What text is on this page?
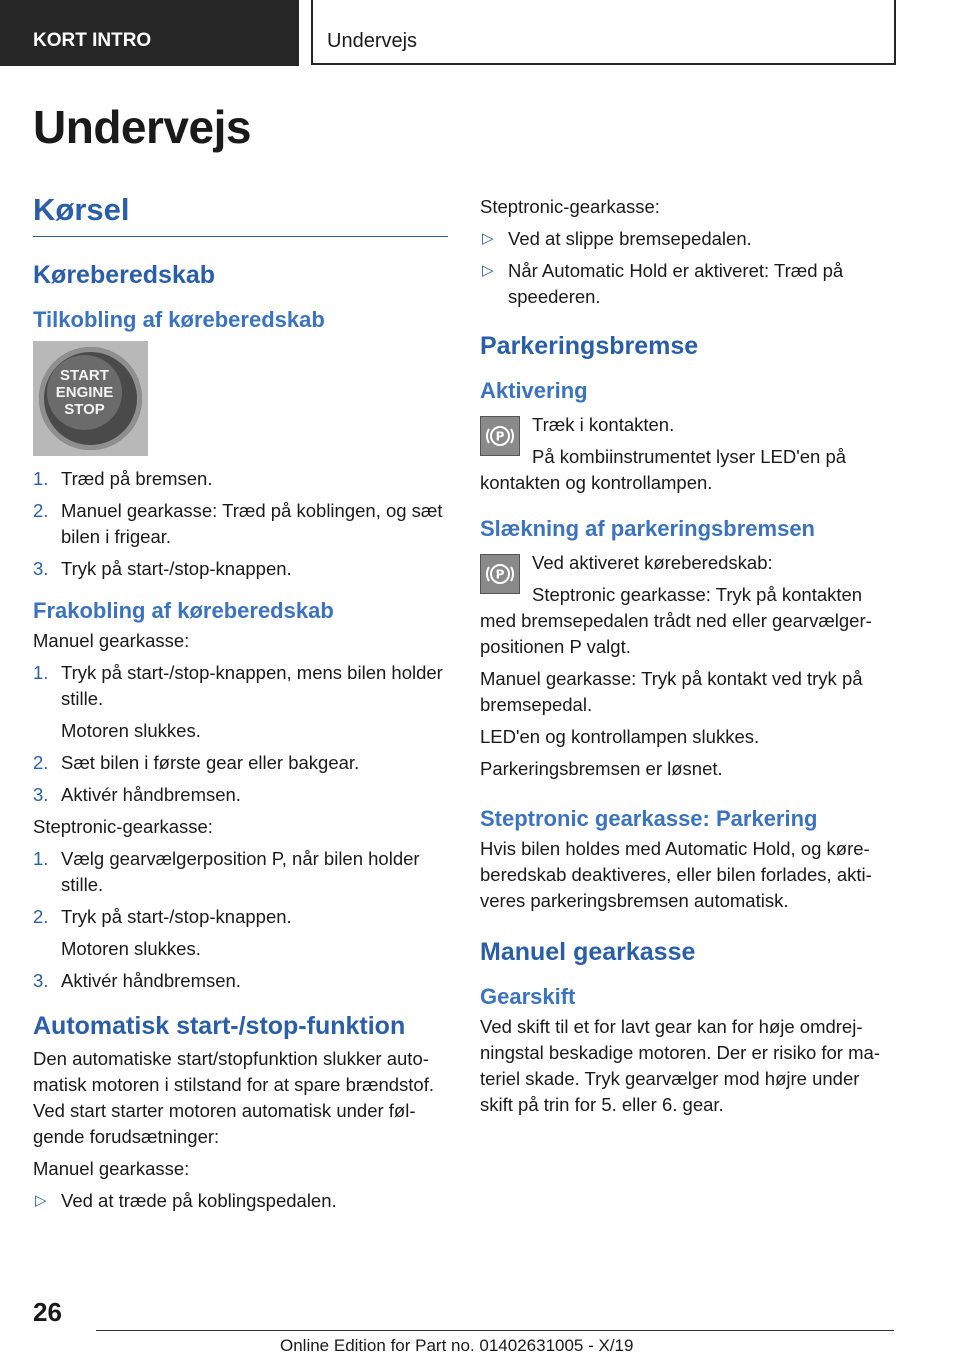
KORT INTRO	Undervejs
Undervejs
Kørsel
Køreberedskab
Tilkobling af køreberedskab
START
ENGINE
STOP
1. Træd på bremsen.
2. Manuel gearkasse: Træd på koblingen, og sæt bilen i frigear.
3. Tryk på start-/stop-knappen.
Frakobling af køreberedskab

Manuel gearkasse:

1. Tryk på start-/stop-knappen, mens bilen holder stille.
Motoren slukkes.
2. Sæt bilen i første gear eller bakgear.
3. Aktivér håndbremsen.

Steptronic-gearkasse:

1. Vælg gearvælgerposition P, når bilen holder stille.
2. Tryk på start-/stop-knappen.
Motoren slukkes.
3. Aktivér håndbremsen.
Automatisk start-/stop-funktion

Den automatiske start/stopfunktion slukker automatisk motoren i stilstand for at spare brændstof. Ved start starter motoren automatisk under følgende forudsætninger:

Manuel gearkasse:

▷ Ved at træde på koblingspedalen.

Steptronic-gearkasse:

▷ Ved at slippe bremsepedalen.
▷ Når Automatic Hold er aktiveret: Træd på speederen.
Parkeringsbremse
Aktivering
P

Træk i kontakten.

På kombiinstrumentet lyser LED'en på kontakten og kontrollampen.

Slækning af parkeringsbremsen
P

Ved aktiveret køreberedskab:

Steptronic gearkasse: Tryk på kontakten med bremsepedalen trådt ned eller gearvælgerpositionen P valgt.

Manuel gearkasse: Tryk på kontakt ved tryk på bremsepedal.

LED'en og kontrollampen slukkes.

Parkeringsbremsen er løsnet.

Steptronic gearkasse: Parkering

Hvis bilen holdes med Automatic Hold, og køreberedskab deaktiveres, eller bilen forlades, aktiveres parkeringsbremsen automatisk.

Manuel gearkasse
Gearskift

Ved skift til et for lavt gear kan for høje omdrejningstal beskadige motoren. Der er risiko for materiel skade. Tryk gearvælger mod højre under skift på trin for 5. eller 6. gear.

26
Online Edition for Part no. 01402631005 - X/19
